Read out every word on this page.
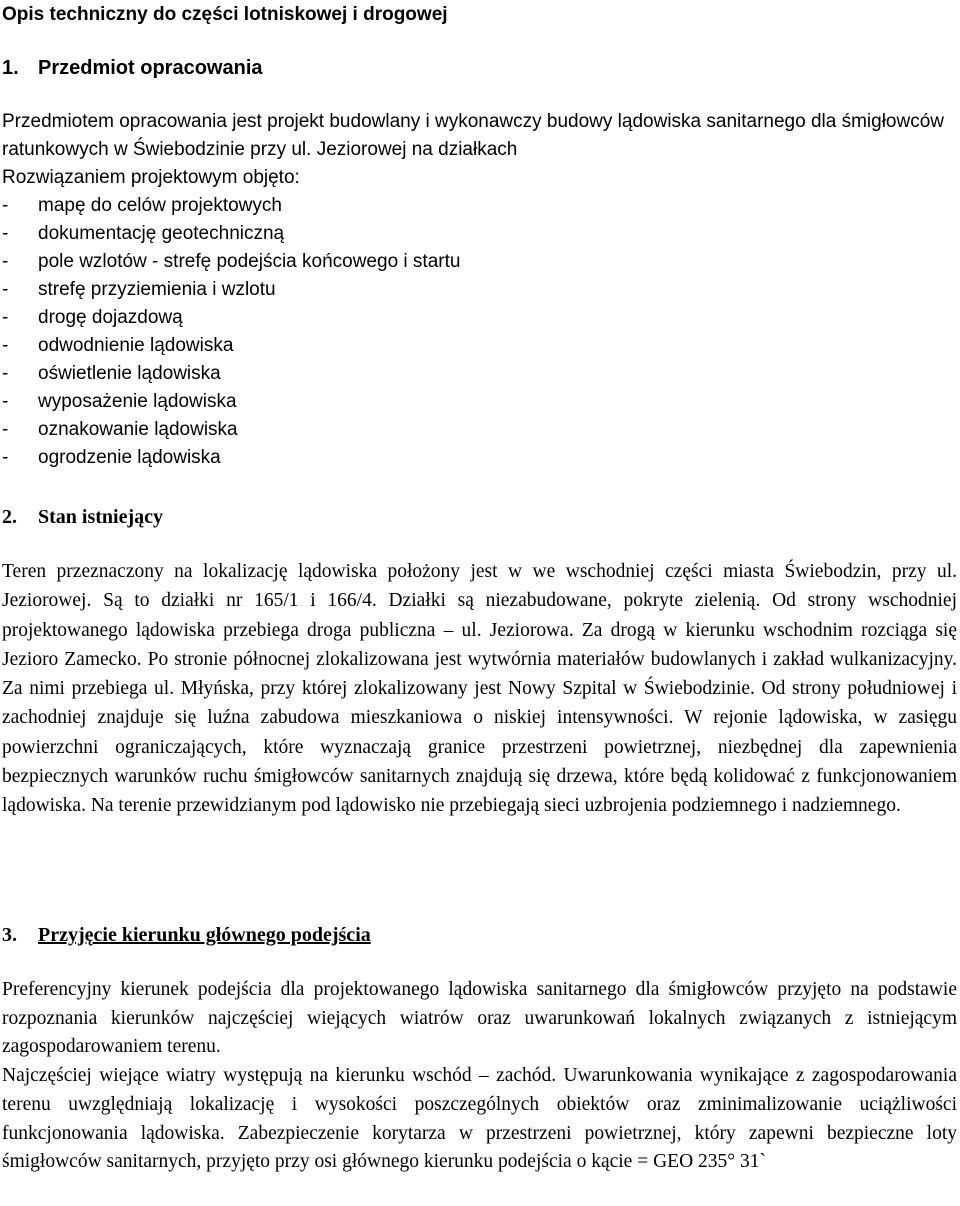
Opis techniczny do części lotniskowej i drogowej
1. Przedmiot opracowania

Przedmiotem opracowania jest projekt budowlany i wykonawczy budowy lądowiska sanitarnego dla śmigłowców ratunkowych w Świebodzinie przy ul. Jeziorowej na działkach

Rozwiązaniem projektowym objęto:

- mapę do celów projektowych
- dokumentację geotechniczną
- pole wzlotów - strefę podejścia końcowego i startu
- strefę przyziemienia i wzlotu
- drogę dojazdową
- odwodnienie lądowiska
- oświetlenie lądowiska
- wyposażenie lądowiska
- oznakowanie lądowiska
- ogrodzenie lądowiska
2. Stan istniejący

Teren przeznaczony na lokalizację lądowiska położony jest w we wschodniej części miasta Świebodzin, przy ul. Jeziorowej. Są to działki nr 165/1 i 166/4. Działki są niezabudowane, pokryte zielenią. Od strony wschodniej projektowanego lądowiska przebiega droga publiczna – ul. Jeziorowa. Za drogą w kierunku wschodnim rozciąga się Jezioro Zamecko. Po stronie północnej zlokalizowana jest wytwórnia materiałów budowlanych i zakład wulkanizacyjny. Za nimi przebiega ul. Młyńska, przy której zlokalizowany jest Nowy Szpital w Świebodzinie. Od strony południowej i zachodniej znajduje się luźna zabudowa mieszkaniowa o niskiej intensywności. W rejonie lądowiska, w zasięgu powierzchni ograniczających, które wyznaczają granice przestrzeni powietrznej, niezbędnej dla zapewnienia bezpiecznych warunków ruchu śmigłowców sanitarnych znajdują się drzewa, które będą kolidować z funkcjonowaniem lądowiska. Na terenie przewidzianym pod lądowisko nie przebiegają sieci uzbrojenia podziemnego i nadziemnego.

3. Przyjęcie kierunku głównego podejścia

Preferencyjny kierunek podejścia dla projektowanego lądowiska sanitarnego dla śmigłowców przyjęto na podstawie rozpoznania kierunków najczęściej wiejących wiatrów oraz uwarunkowań lokalnych związanych z istniejącym zagospodarowaniem terenu.

Najczęściej wiejące wiatry występują na kierunku wschód – zachód. Uwarunkowania wynikające z zagospodarowania terenu uwzględniają lokalizację i wysokości poszczególnych obiektów oraz zminimalizowanie uciążliwości funkcjonowania lądowiska. Zabezpieczenie korytarza w przestrzeni powietrznej, który zapewni bezpieczne loty śmigłowców sanitarnych, przyjęto przy osi głównego kierunku podejścia o kącie = GEO 235° 31`
